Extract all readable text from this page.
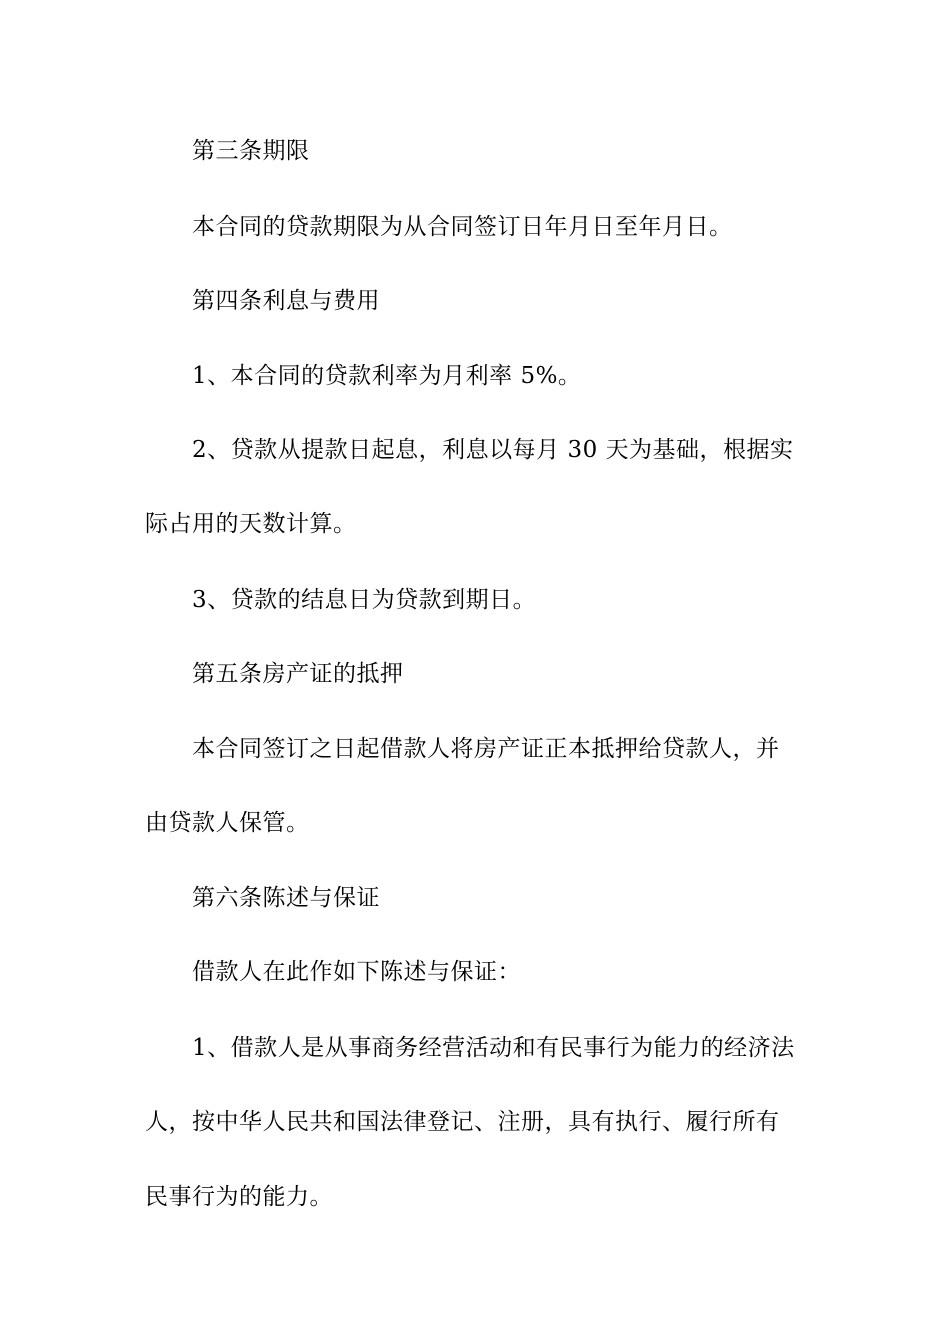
第三条期限
本合同的贷款期限为从合同签订日年月日至年月日。
第四条利息与费用
1、本合同的贷款利率为月利率 5%。
2、贷款从提款日起息，利息以每月 30 天为基础，根据实
际占用的天数计算。
3、贷款的结息日为贷款到期日。
第五条房产证的抵押
本合同签订之日起借款人将房产证正本抵押给贷款人，并
由贷款人保管。
第六条陈述与保证
借款人在此作如下陈述与保证：
1、借款人是从事商务经营活动和有民事行为能力的经济法
人，按中华人民共和国法律登记、注册，具有执行、履行所有
民事行为的能力。
